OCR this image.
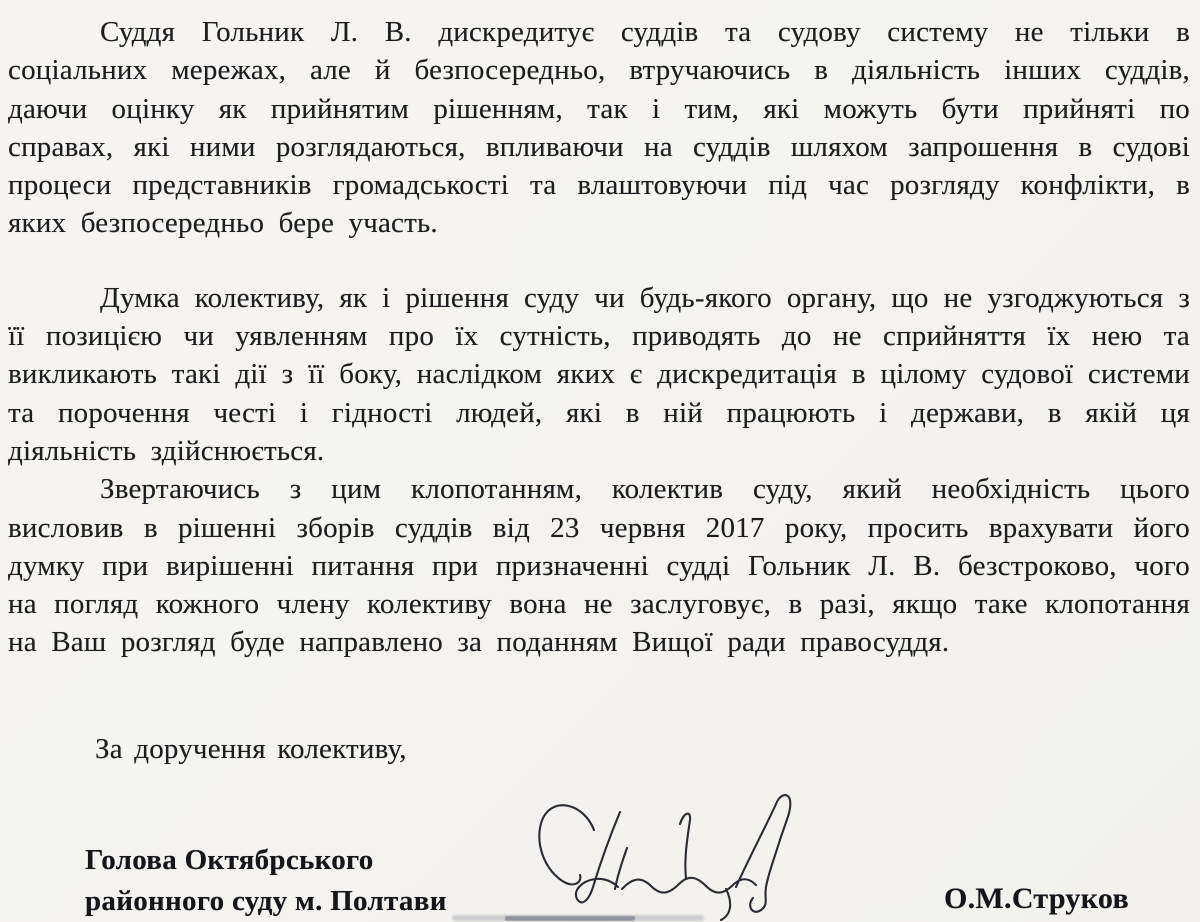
Суддя Гольник Л. В. дискредитує суддів та судову систему не тільки в соціальних мережах, але й безпосередньо, втручаючись в діяльність інших суддів, даючи оцінку як прийнятим рішенням, так і тим, які можуть бути прийняті по справах, які ними розглядаються, впливаючи на суддів шляхом запрошення в судові процеси представників громадськості та влаштовуючи під час розгляду конфлікти, в яких безпосередньо бере участь.

Думка колективу, як і рішення суду чи будь-якого органу, що не узгоджуються з її позицією чи уявленням про їх сутність, приводять до не сприйняття їх нею та викликають такі дії з її боку, наслідком яких є дискредитація в цілому судової системи та порочення честі і гідності людей, які в ній працюють і держави, в якій ця діяльність здійснюється.

Звертаючись з цим клопотанням, колектив суду, який необхідність цього висловив в рішенні зборів суддів від 23 червня 2017 року, просить врахувати його думку при вирішенні питання при призначенні судді Гольник Л. В. безстроково, чого на погляд кожного члену колективу вона не заслуговує, в разі, якщо таке клопотання на Ваш розгляд буде направлено за поданням Вищої ради правосуддя.

За доручення колективу,

Голова Октябрського
районного суду м. Полтави	О.М.Струков
